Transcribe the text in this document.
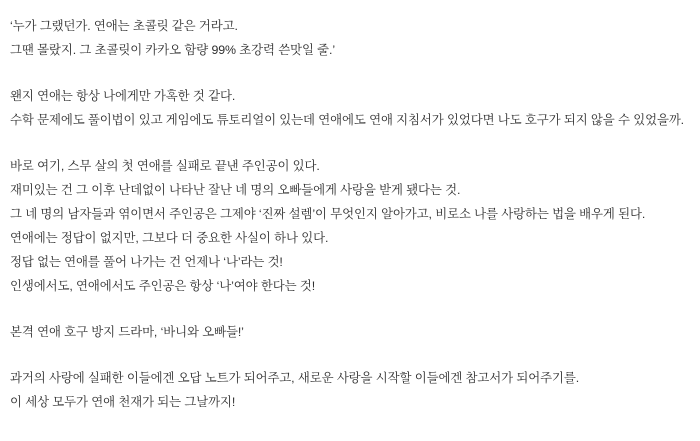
‘누가 그랬던가. 연애는 초콜릿 같은 거라고.
그땐 몰랐지. 그 초콜릿이 카카오 함량 99% 초강력 쓴맛일 줄.’
왠지 연애는 항상 나에게만 가혹한 것 같다.
수학 문제에도 풀이법이 있고 게임에도 튜토리얼이 있는데 연애에도 연애 지침서가 있었다면 나도 호구가 되지 않을 수 있었을까.
바로 여기, 스무 살의 첫 연애를 실패로 끝낸 주인공이 있다.
재미있는 건 그 이후 난데없이 나타난 잘난 네 명의 오빠들에게 사랑을 받게 됐다는 것.
그 네 명의 남자들과 엮이면서 주인공은 그제야 ‘진짜 설렘’이 무엇인지 알아가고, 비로소 나를 사랑하는 법을 배우게 된다.
연애에는 정답이 없지만, 그보다 더 중요한 사실이 하나 있다.
정답 없는 연애를 풀어 나가는 건 언제나 ‘나’라는 것!
인생에서도, 연애에서도 주인공은 항상 ‘나’여야 한다는 것!
본격 연애 호구 방지 드라마, ‘바니와 오빠들!’
과거의 사랑에 실패한 이들에겐 오답 노트가 되어주고, 새로운 사랑을 시작할 이들에겐 참고서가 되어주기를.
이 세상 모두가 연애 천재가 되는 그날까지!
